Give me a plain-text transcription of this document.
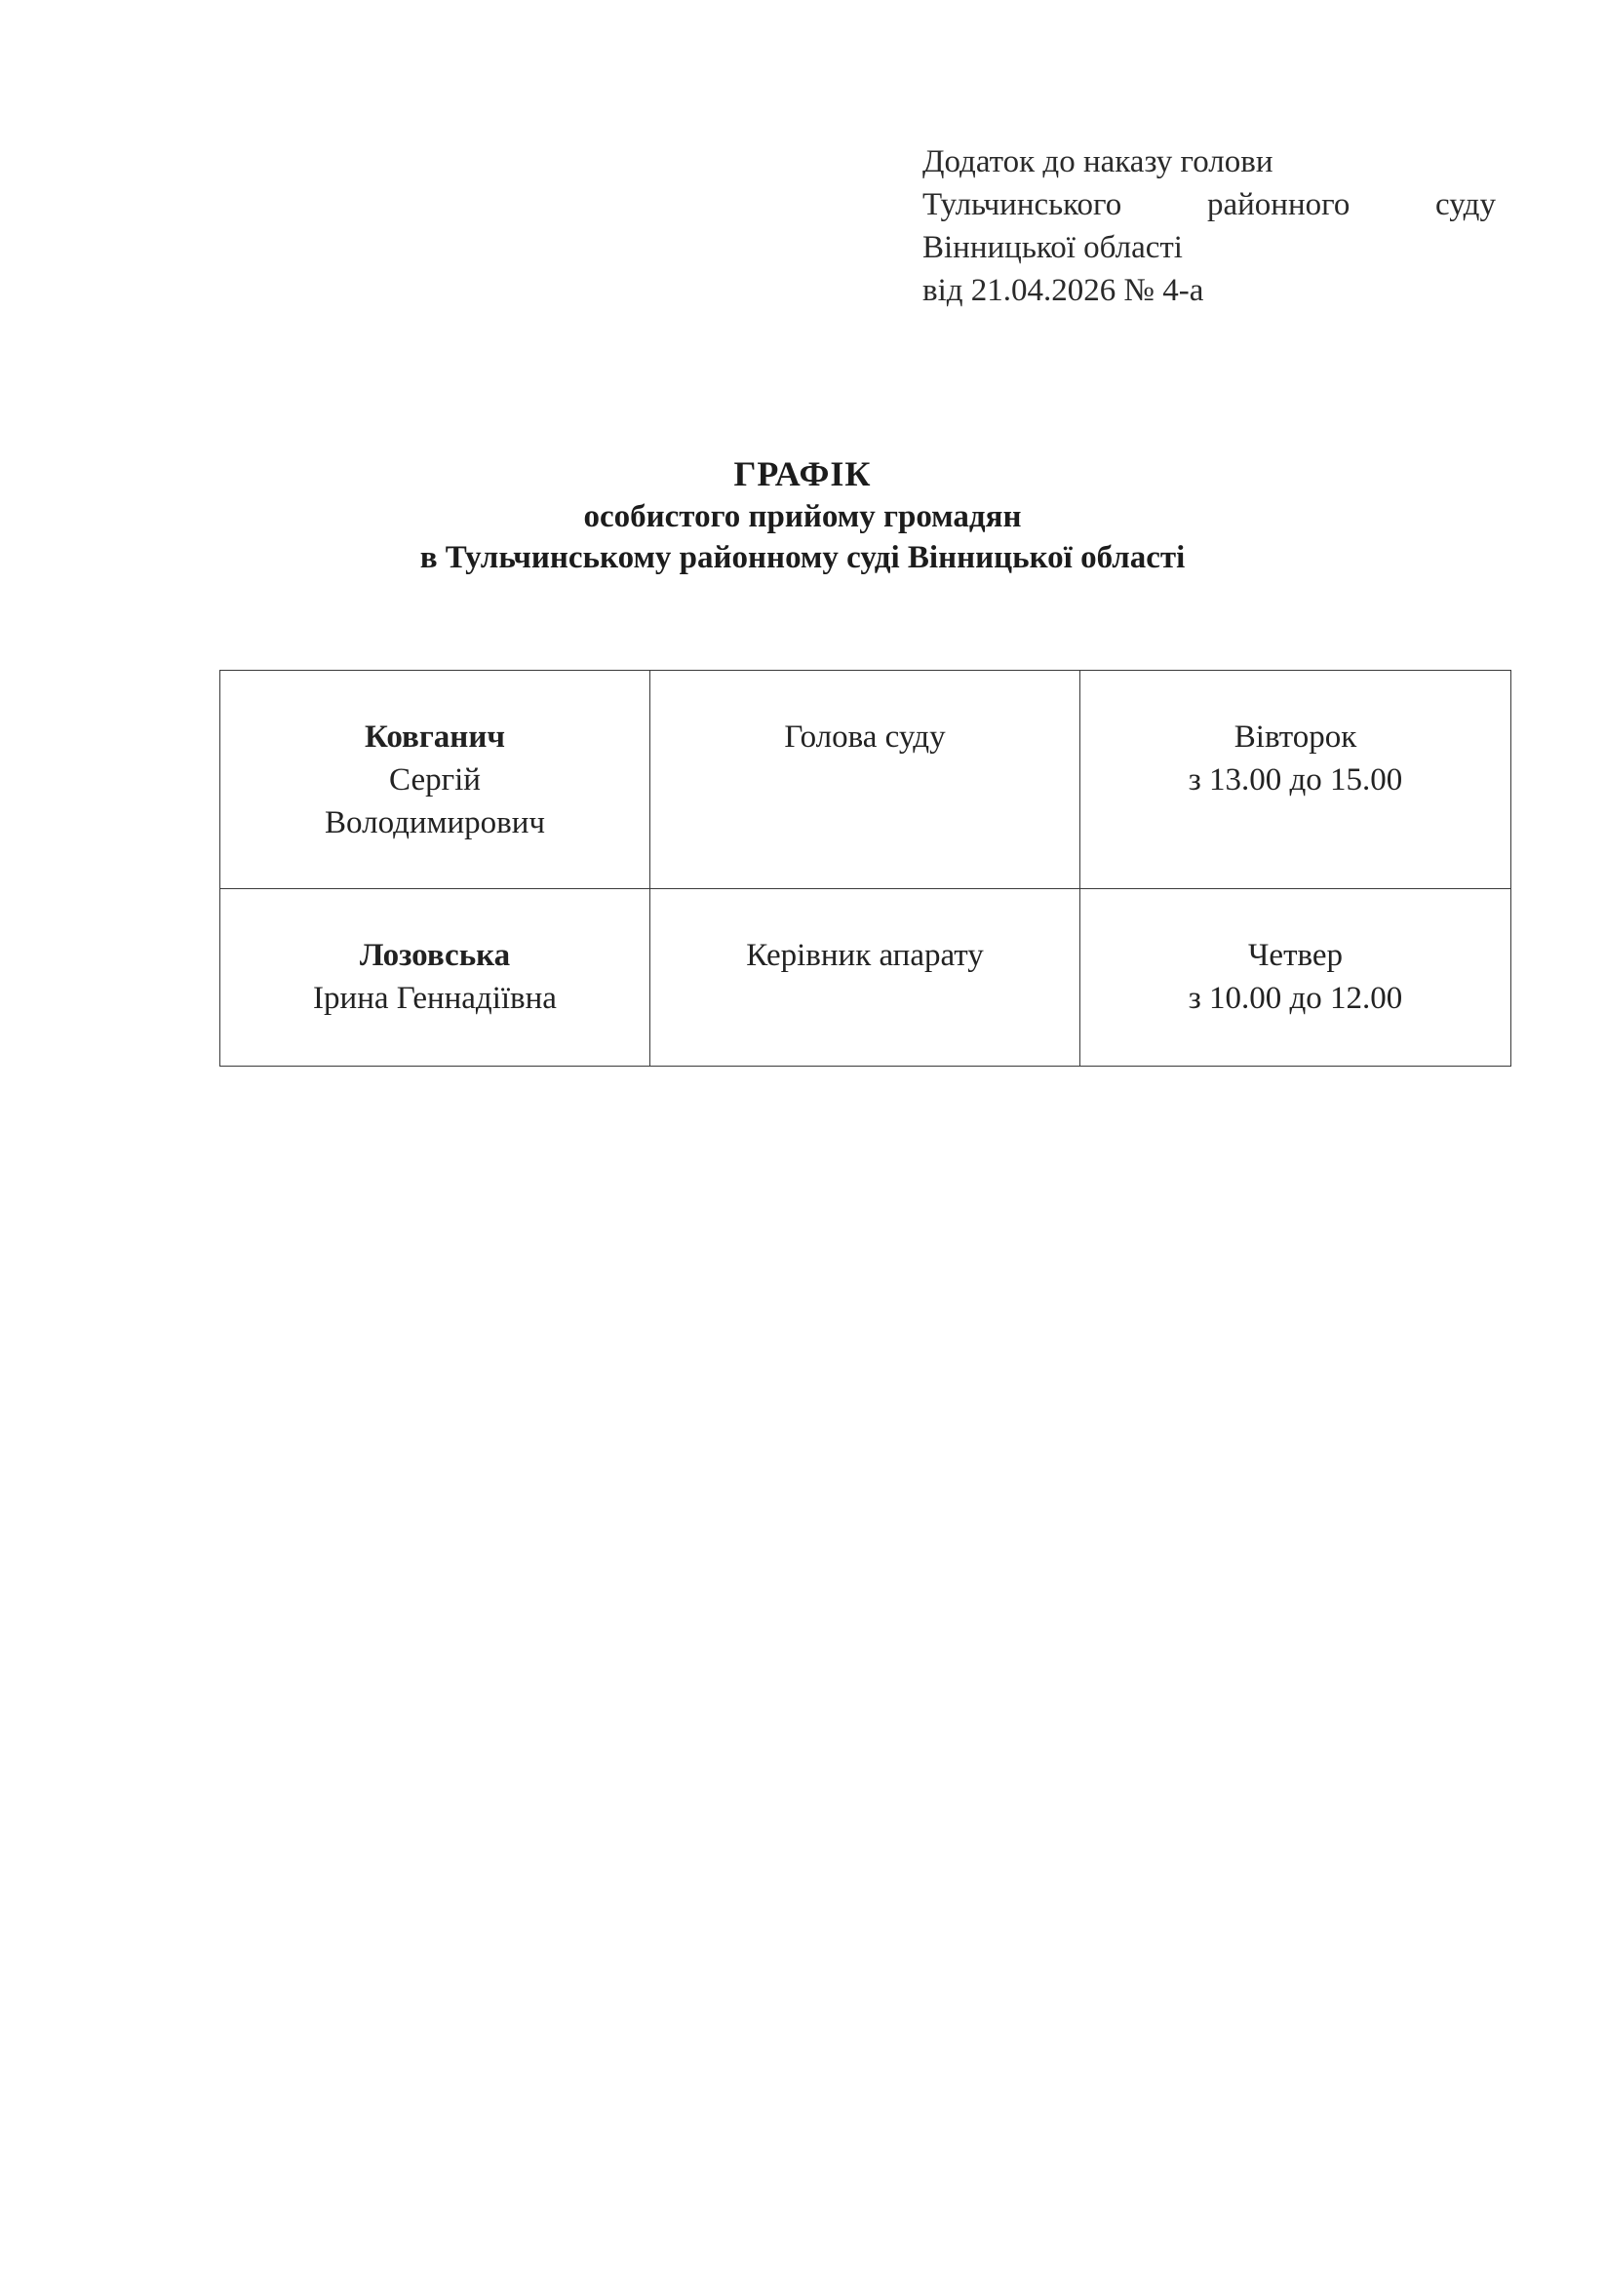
Додаток до наказу голови
Тульчинського	районного	суду
Вінницької області
від 21.04.2026 № 4-а
ГРАФІК
особистого прийому громадян
в Тульчинському районному суді Вінницької області
Ковганич
Сергій
Володимирович	Голова суду	Вівторок
з 13.00 до 15.00

Лозовська
Ірина Геннадіївна	Керівник апарату	Четвер
з 10.00 до 12.00
